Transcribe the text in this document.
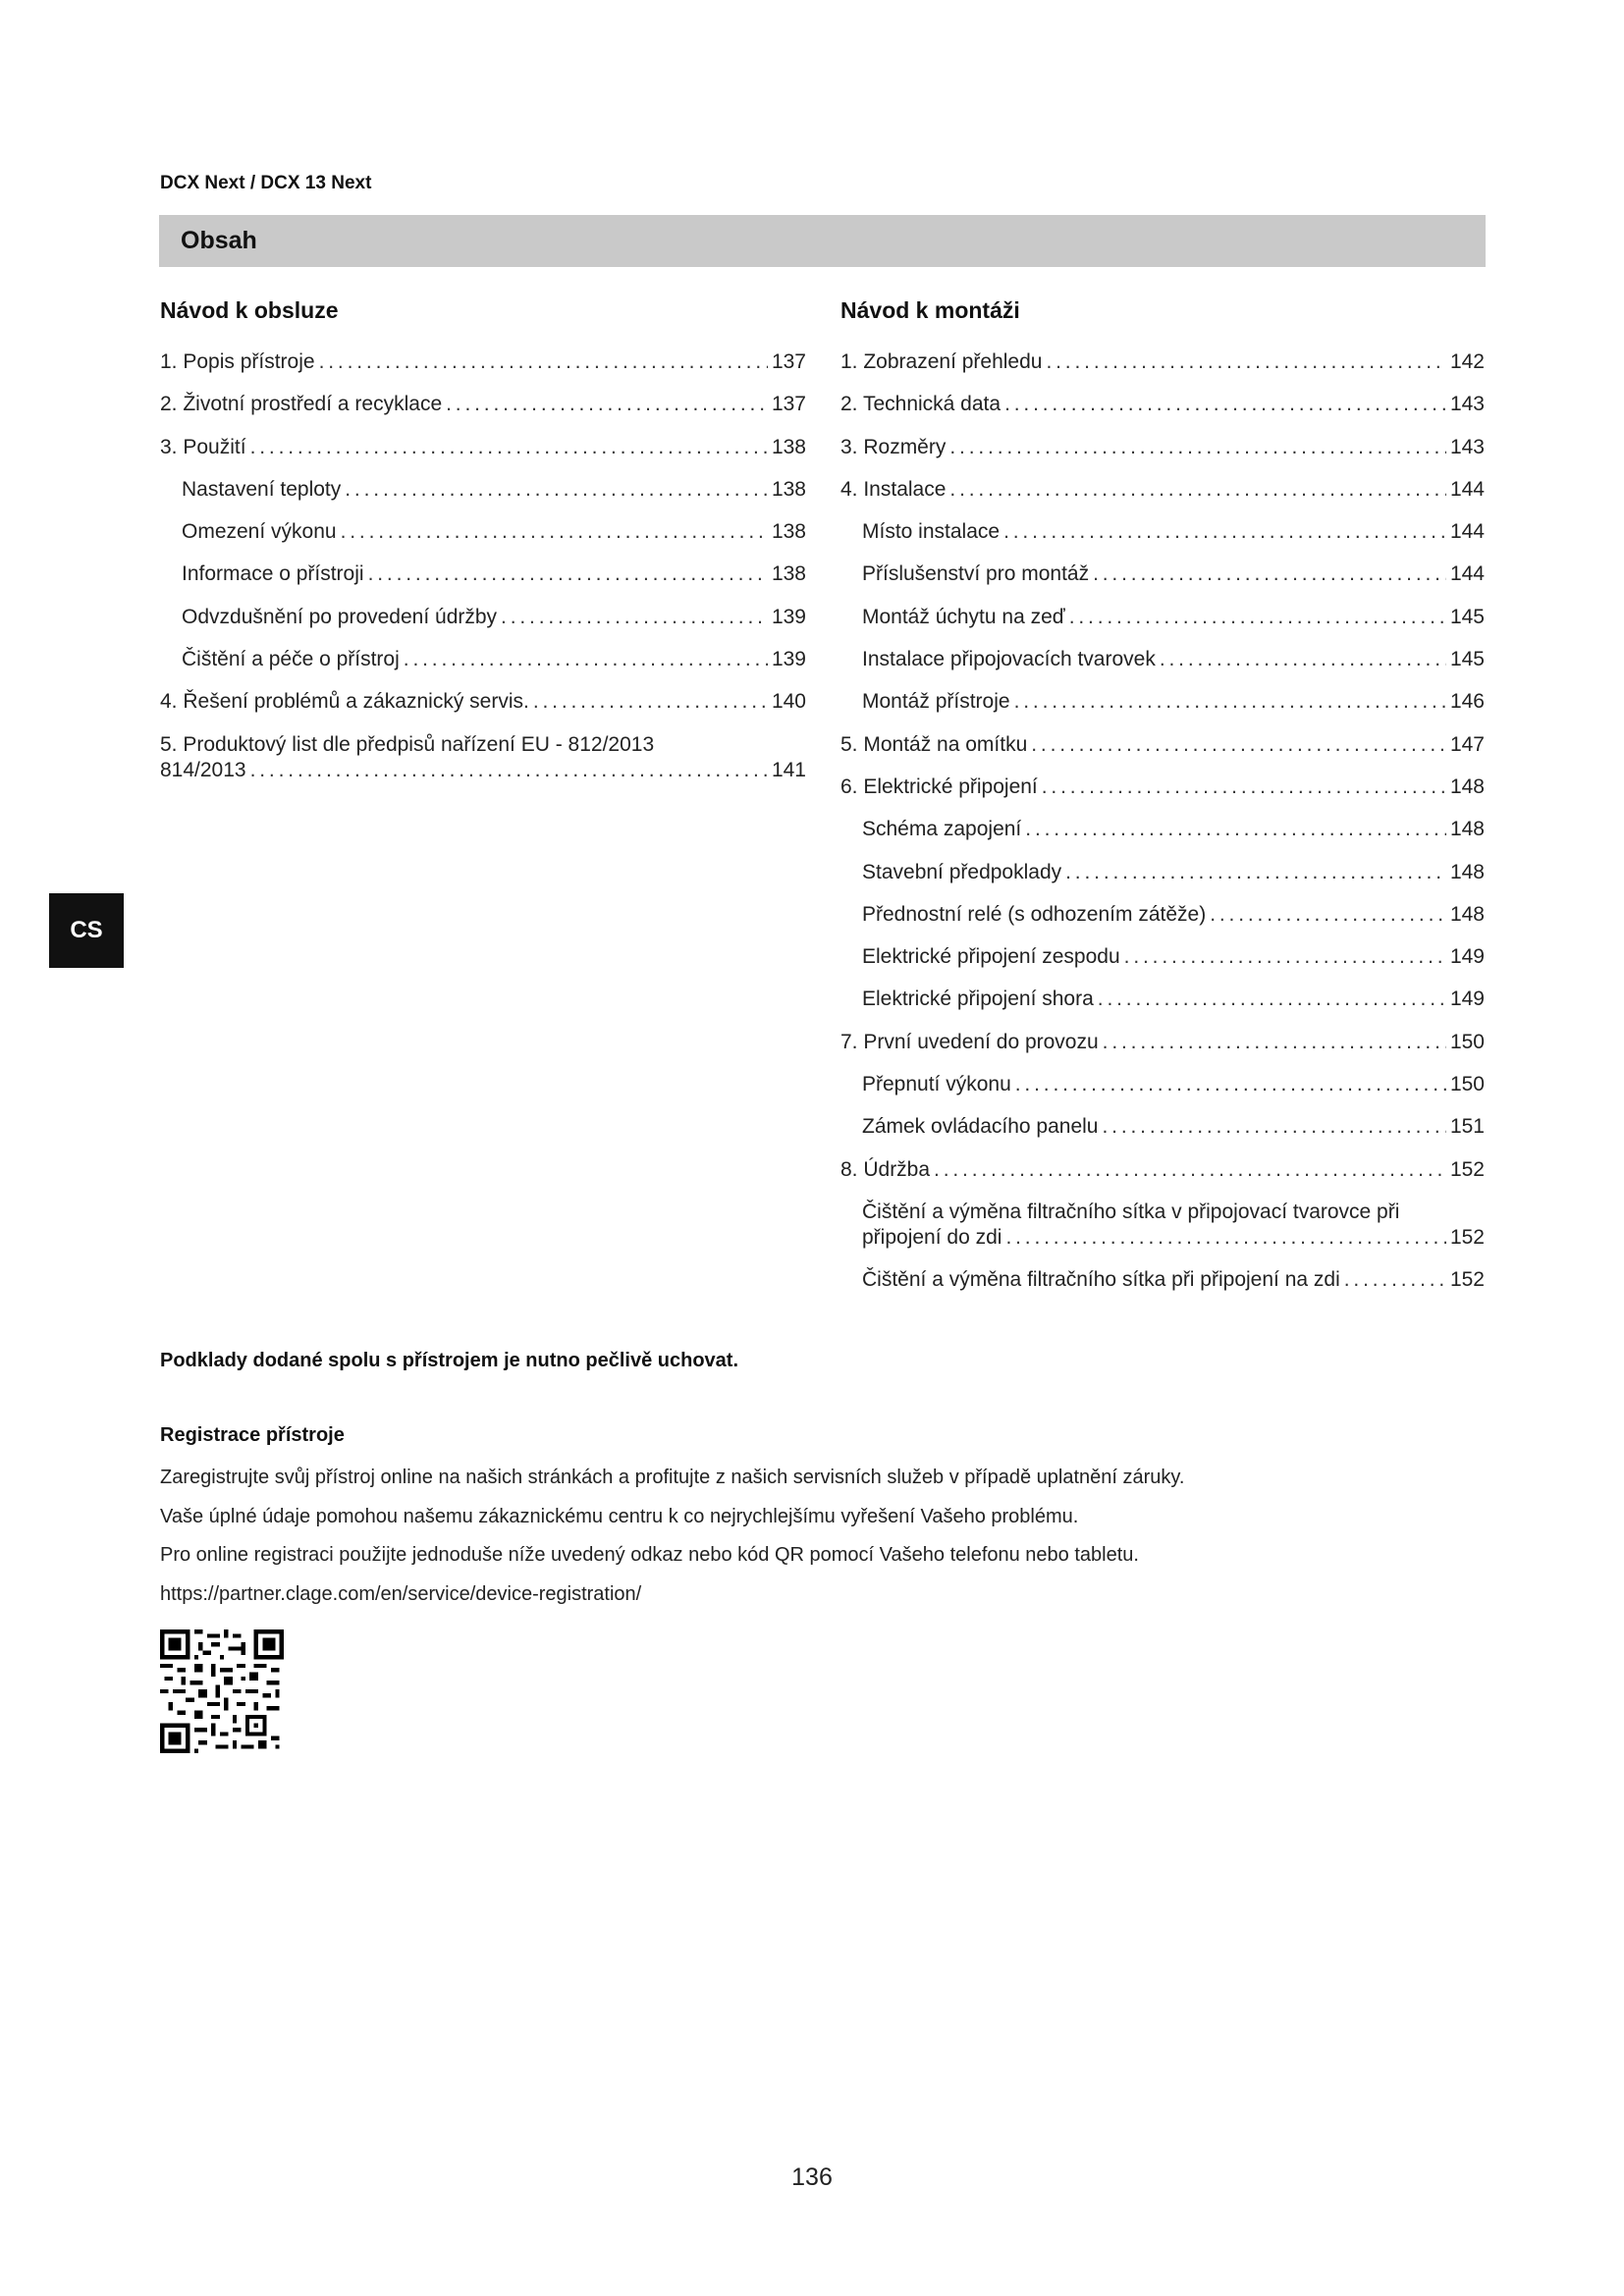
DCX Next / DCX 13 Next
Obsah
Návod k obsluze
1. Popis přístroje . . .	137
2. Životní prostředí a recyklace . . .	137
3. Použití . . .	138
Nastavení teploty . . .	138
Omezení výkonu . . .	138
Informace o přístroji . . .	138
Odvzdušnění po provedení údržby . . .	139
Čištění a péče o přístroj . . .	139
4. Řešení problémů a zákaznický servis. . . .	140
5. Produktový list dle předpisů nařízení EU - 812/2013
814/2013 . . .	141
Návod k montáži
1. Zobrazení přehledu . . .	142
2. Technická data . . .	143
3. Rozměry . . .	143
4. Instalace . . .	144
Místo instalace . . .	144
Příslušenství pro montáž . . .	144
Montáž úchytu na zeď . . .	145
Instalace připojovacích tvarovek . . .	145
Montáž přístroje . . .	146
5. Montáž na omítku . . .	147
6. Elektrické připojení . . .	148
Schéma zapojení . . .	148
Stavební předpoklady . . .	148
Přednostní relé (s odhozením zátěže) . . .	148
Elektrické připojení zespodu . . .	149
Elektrické připojení shora . . .	149
7. První uvedení do provozu . . .	150
Přepnutí výkonu . . .	150
Zámek ovládacího panelu . . .	151
8. Údržba . . .	152
Čištění a výměna filtračního sítka v připojovací tvarovce při
připojení do zdi . . .	152
Čištění a výměna filtračního sítka při připojení na zdi . . .	152
Podklady dodané spolu s přístrojem je nutno pečlivě uchovat.
Registrace přístroje

Zaregistrujte svůj přístroj online na našich stránkách a profitujte z našich servisních služeb v případě uplatnění záruky.

Vaše úplné údaje pomohou našemu zákaznickému centru k co nejrychlejšímu vyřešení Vašeho problému.

Pro online registraci použijte jednoduše níže uvedený odkaz nebo kód QR pomocí Vašeho telefonu nebo tabletu.

https://partner.clage.com/en/service/device-registration/

CS
136
